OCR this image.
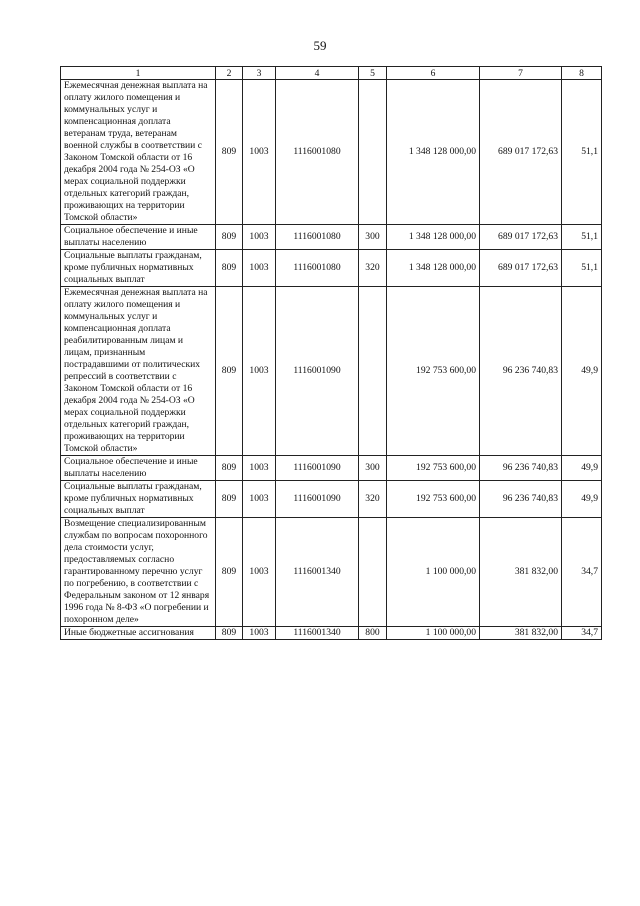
59
1	2	3	4	5	6	7	8
Ежемесячная денежная выплата на оплату жилого помещения и коммунальных услуг и компенсационная доплата ветеранам труда, ветеранам военной службы в соответствии с Законом Томской области от 16 декабря 2004 года № 254-ОЗ «О мерах социальной поддержки отдельных категорий граждан, проживающих на территории Томской области»	809	1003	1116001080		1 348 128 000,00	689 017 172,63	51,1
Социальное обеспечение и иные выплаты населению	809	1003	1116001080	300	1 348 128 000,00	689 017 172,63	51,1
Социальные выплаты гражданам, кроме публичных нормативных социальных выплат	809	1003	1116001080	320	1 348 128 000,00	689 017 172,63	51,1
Ежемесячная денежная выплата на оплату жилого помещения и коммунальных услуг и компенсационная доплата реабилитированным лицам и лицам, признанным пострадавшими от политических репрессий в соответствии с Законом Томской области от 16 декабря 2004 года № 254-ОЗ «О мерах социальной поддержки отдельных категорий граждан, проживающих на территории Томской области»	809	1003	1116001090		192 753 600,00	96 236 740,83	49,9
Социальное обеспечение и иные выплаты населению	809	1003	1116001090	300	192 753 600,00	96 236 740,83	49,9
Социальные выплаты гражданам, кроме публичных нормативных социальных выплат	809	1003	1116001090	320	192 753 600,00	96 236 740,83	49,9
Возмещение специализированным службам по вопросам похоронного дела стоимости услуг, предоставляемых согласно гарантированному перечню услуг по погребению, в соответствии с Федеральным законом от 12 января 1996 года № 8-ФЗ «О погребении и похоронном деле»	809	1003	1116001340		1 100 000,00	381 832,00	34,7
Иные бюджетные ассигнования	809	1003	1116001340	800	1 100 000,00	381 832,00	34,7
